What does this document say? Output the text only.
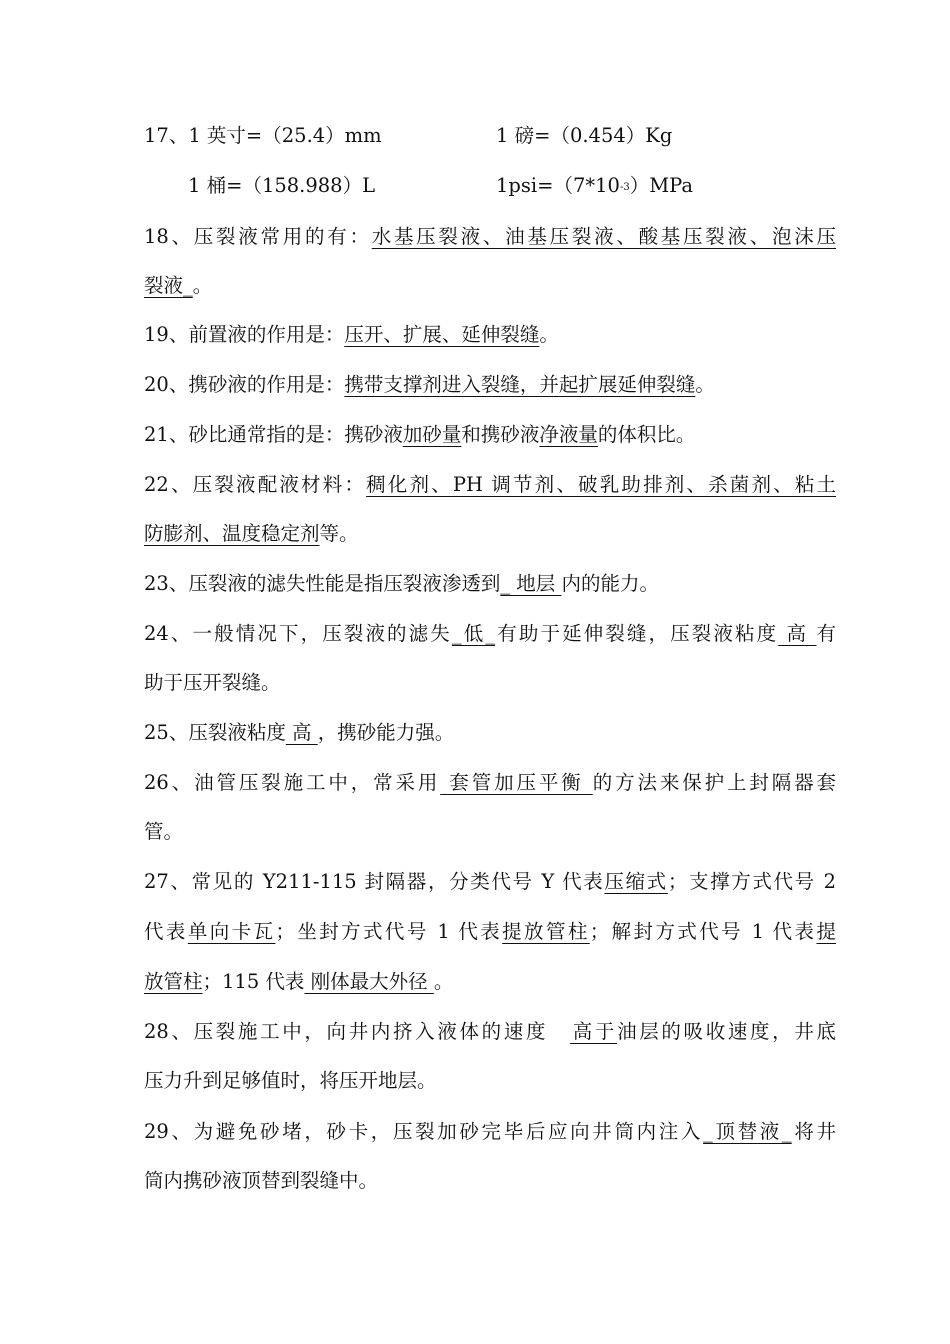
17、1 英寸=（25.4）mm	1 磅=（0.454）Kg
1 桶=（158.988）L	$1psi=(7*10^{-3})MPa$
18、压裂液常用的有：水基压裂液、油基压裂液、酸基压裂液、泡沫压
裂液_。
19、前置液的作用是：压开、扩展、延伸裂缝。
20、携砂液的作用是：携带支撑剂进入裂缝，并起扩展延伸裂缝。
21、砂比通常指的是：携砂液加砂量和携砂液净液量的体积比。
22、压裂液配液材料：稠化剂、PH 调节剂、破乳助排剂、杀菌剂、粘土
防膨剂、温度稳定剂等。
23、压裂液的滤失性能是指压裂液渗透到_ 地层 内的能力。
24、一般情况下，压裂液的滤失_低_有助于延伸裂缝，压裂液粘度 高 有
助于压开裂缝。
25、压裂液粘度 高 ，携砂能力强。
26、油管压裂施工中，常采用 套管加压平衡 的方法来保护上封隔器套
管。
27、常见的 Y211-115 封隔器，分类代号 Y 代表压缩式；支撑方式代号 2
代表单向卡瓦；坐封方式代号 1 代表提放管柱；解封方式代号 1 代表提
放管柱；115 代表 刚体最大外径 。
28、压裂施工中，向井内挤入液体的速度 高于油层的吸收速度，井底
压力升到足够值时，将压开地层。
29、为避免砂堵，砂卡，压裂加砂完毕后应向井筒内注入_顶替液_将井
筒内携砂液顶替到裂缝中。
